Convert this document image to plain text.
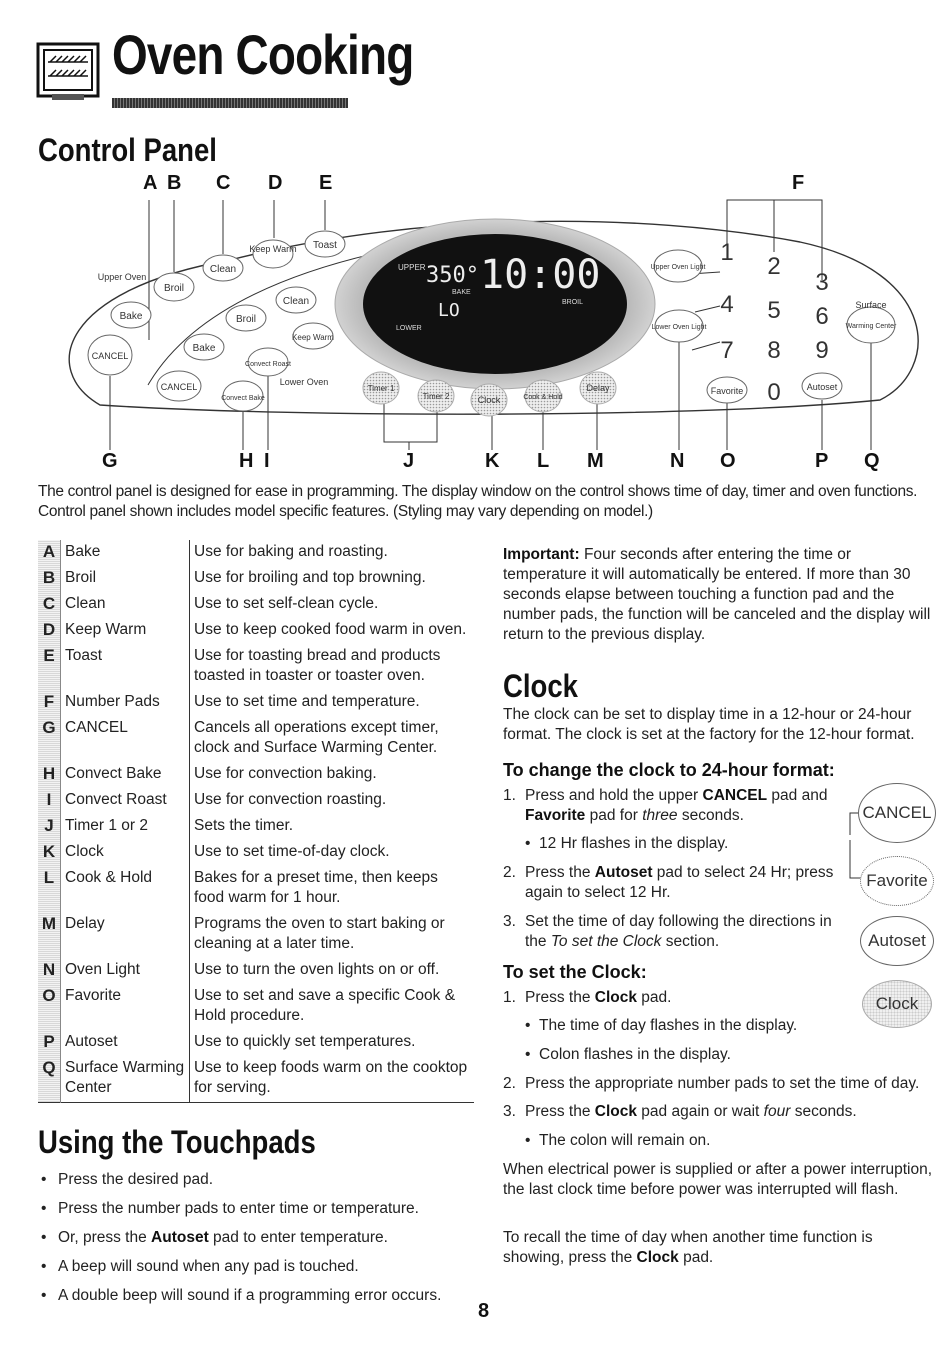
Oven Cooking
Control Panel
A B C D E	F
UPPER 350° 10:00
BAKE
LO	BROIL
LOWER
Keep Warm Toast
Clean
Broil
Bake
CANCEL
Clean
Broil
Keep Warm
Bake
Convect Roast
CANCEL
Convect Bake
Upper Oven
Lower Oven
Timer 1
Timer 2	Clock	Cook & Hold
Delay
Upper Oven Light
Lower Oven Light
Favorite	Autoset
Surface
Warming Center
1
2
3
4 5 6
7 8 9
0
G	H I	J	K L M	N O	P Q
The control panel is designed for ease in programming. The display window on the control shows time of day, timer and oven functions. Control panel shown includes model specific features. (Styling may vary depending on model.)
A	Bake	Use for baking and roasting.
B	Broil	Use for broiling and top browning.
C	Clean	Use to set self-clean cycle.
D	Keep Warm	Use to keep cooked food warm in oven.
E	Toast	Use for toasting bread and products toasted in toaster or toaster oven.
F	Number Pads	Use to set time and temperature.
G	CANCEL	Cancels all operations except timer, clock and Surface Warming Center.
H	Convect Bake	Use for convection baking.
I	Convect Roast	Use for convection roasting.
J	Timer 1 or 2	Sets the timer.
K	Clock	Use to set time-of-day clock.
L	Cook & Hold	Bakes for a preset time, then keeps food warm for 1 hour.
M	Delay	Programs the oven to start baking or cleaning at a later time.
N	Oven Light	Use to turn the oven lights on or off.
O	Favorite	Use to set and save a specific Cook & Hold procedure.
P	Autoset	Use to quickly set temperatures.
Q	Surface Warming Center	Use to keep foods warm on the cooktop for serving.
Using the Touchpads
• Press the desired pad.
• Press the number pads to enter time or temperature.
• Or, press the Autoset pad to enter temperature.
• A beep will sound when any pad is touched.
• A double beep will sound if a programming error occurs.
Important: Four seconds after entering the time or temperature it will automatically be entered. If more than 30 seconds elapse between touching a function pad and the number pads, the function will be canceled and the display will return to the previous display.
Clock
The clock can be set to display time in a 12-hour or 24-hour format. The clock is set at the factory for the 12-hour format.
To change the clock to 24-hour format:
1. Press and hold the upper CANCEL pad and Favorite pad for three seconds.
•  12 Hr flashes in the display.
2. Press the Autoset pad to select 24 Hr; press again to select 12 Hr.
3. Set the time of day following the directions in the To set the Clock section.
To set the Clock:
1. Press the Clock pad.
•  The time of day flashes in the display.
•  Colon flashes in the display.
2. Press the appropriate number pads to set the time of day.
3. Press the Clock pad again or wait four seconds.
•  The colon will remain on.
When electrical power is supplied or after a power interruption, the last clock time before power was interrupted will flash.
To recall the time of day when another time function is showing, press the Clock pad.
CANCEL
Favorite
Autoset
Clock
8
